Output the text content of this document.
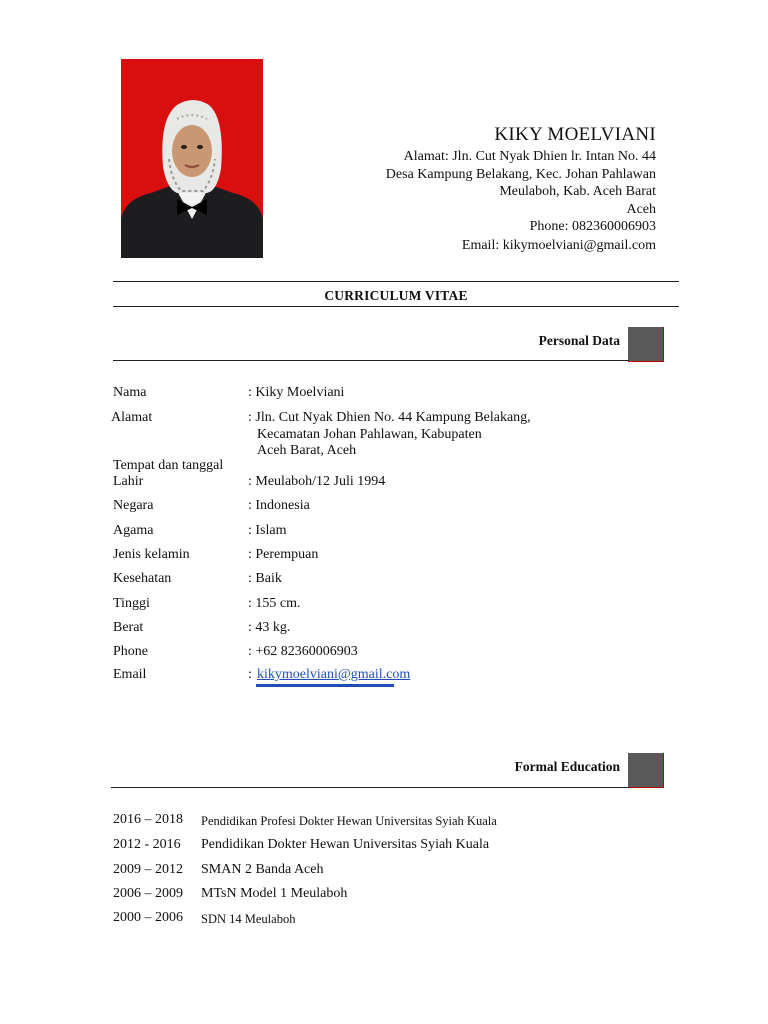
KIKY MOELVIANI
Alamat: Jln. Cut Nyak Dhien lr. Intan No. 44
Desa Kampung Belakang, Kec. Johan Pahlawan
Meulaboh, Kab. Aceh Barat
Aceh
Phone: 082360006903
Email: kikymoelviani@gmail.com
CURRICULUM VITAE
Personal Data
Nama	: Kiky Moelviani
Alamat	: Jln. Cut Nyak Dhien No. 44 Kampung Belakang,
Kecamatan Johan Pahlawan, Kabupaten
Aceh Barat, Aceh
Tempat dan tanggal
Lahir	: Meulaboh/12 Juli 1994
Negara	: Indonesia
Agama	: Islam
Jenis kelamin	: Perempuan
Kesehatan	: Baik
Tinggi	: 155 cm.
Berat	: 43 kg.
Phone	: +62 82360006903
Email	: kikymoelviani@gmail.com
Formal Education
2016 – 2018 Pendidikan Profesi Dokter Hewan Universitas Syiah Kuala
2012 - 2016 Pendidikan Dokter Hewan Universitas Syiah Kuala
2009 – 2012 SMAN 2 Banda Aceh
2006 – 2009 MTsN Model 1 Meulaboh
2000 – 2006 SDN 14 Meulaboh
